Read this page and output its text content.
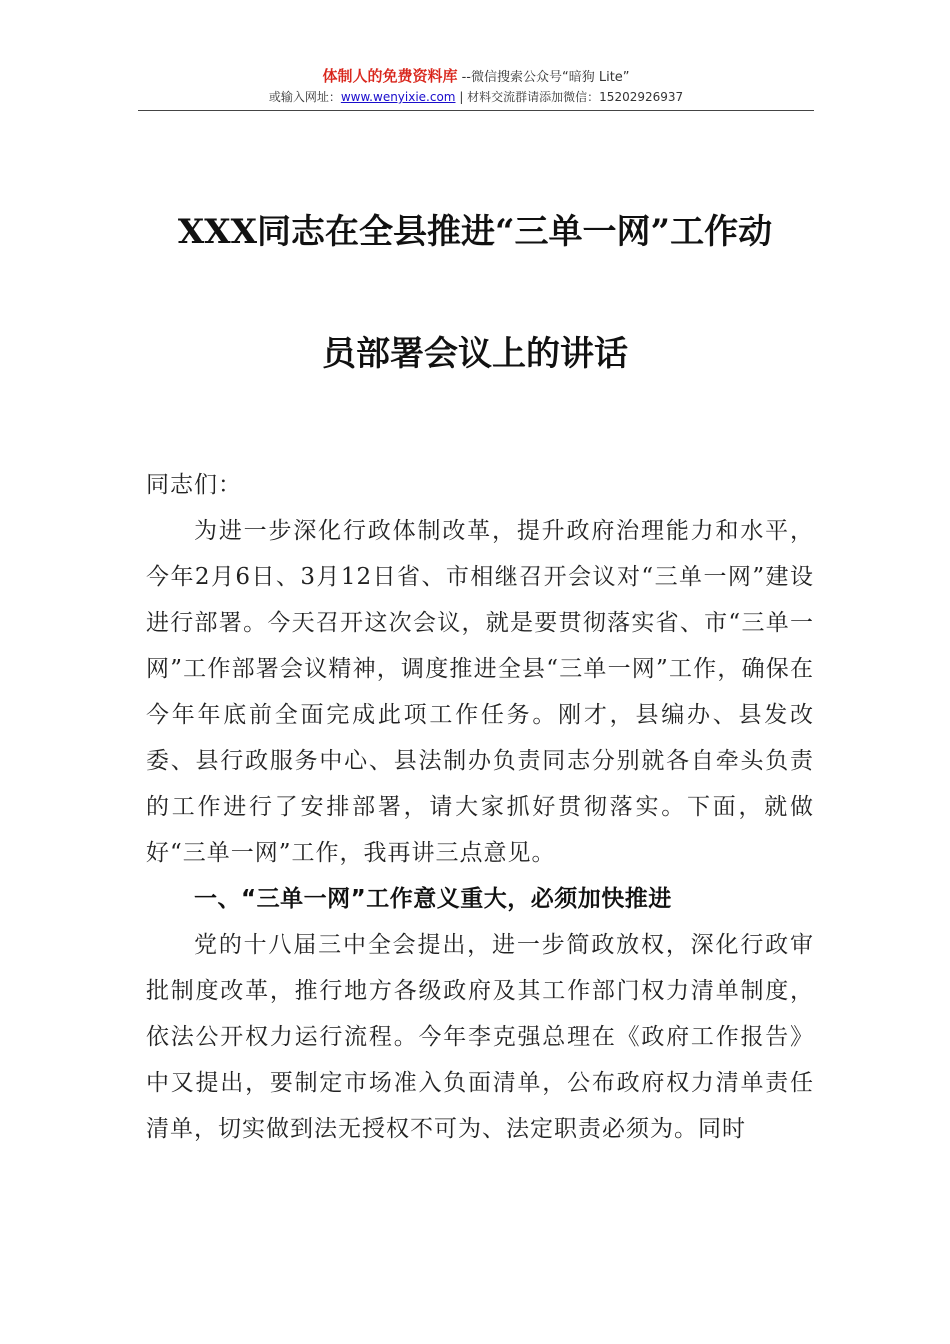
体制人的免费资料库 --微信搜索公众号“暗狗 Lite”
或输入网址：www.wenyixie.com | 材料交流群请添加微信：15202926937
XXX同志在全县推进“三单一网”工作动
员部署会议上的讲话

同志们：

为进一步深化行政体制改革，提升政府治理能力和水平，今年2月6日、3月12日省、市相继召开会议对“三单一网”建设进行部署。今天召开这次会议，就是要贯彻落实省、市“三单一网”工作部署会议精神，调度推进全县“三单一网”工作，确保在今年年底前全面完成此项工作任务。刚才，县编办、县发改委、县行政服务中心、县法制办负责同志分别就各自牵头负责的工作进行了安排部署，请大家抓好贯彻落实。下面，就做好“三单一网”工作，我再讲三点意见。

一、“三单一网”工作意义重大，必须加快推进

党的十八届三中全会提出，进一步简政放权，深化行政审批制度改革，推行地方各级政府及其工作部门权力清单制度，依法公开权力运行流程。今年李克强总理在《政府工作报告》中又提出，要制定市场准入负面清单，公布政府权力清单责任清单，切实做到法无授权不可为、法定职责必须为。同时
